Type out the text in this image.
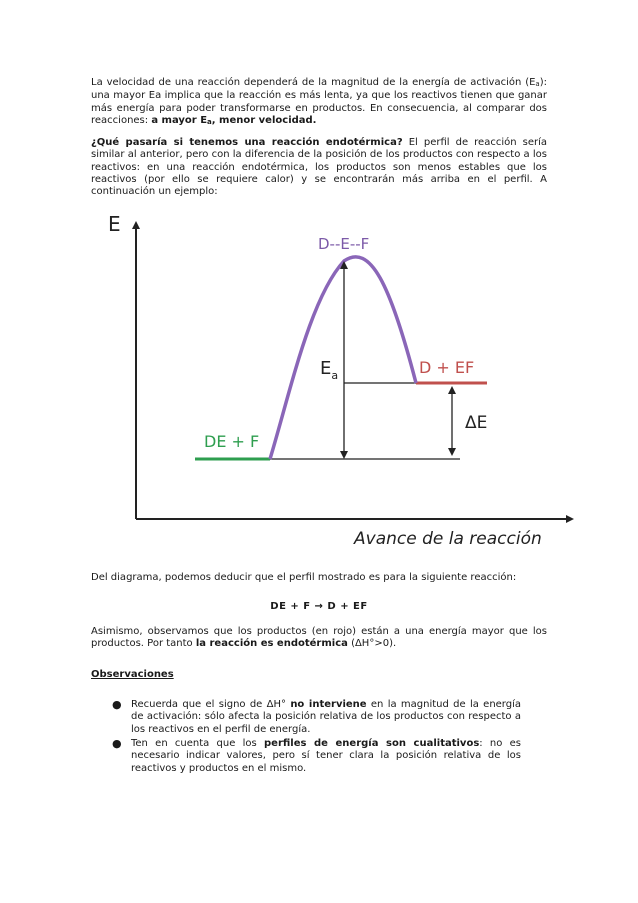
La velocidad de una reacción dependerá de la magnitud de la energía de activación (Ea): una mayor Ea implica que la reacción es más lenta, ya que los reactivos tienen que ganar más energía para poder transformarse en productos. En consecuencia, al comparar dos reacciones: a mayor Ea, menor velocidad.

¿Qué pasaría si tenemos una reacción endotérmica? El perfil de reacción sería similar al anterior, pero con la diferencia de la posición de los productos con respecto a los reactivos: en una reacción endotérmica, los productos son menos estables que los reactivos (por ello se requiere calor) y se encontrarán más arriba en el perfil. A continuación un ejemplo:

E
Avance de la reacción
D--E--F
DE + F
D + EF
$E_a$
ΔE

Del diagrama, podemos deducir que el perfil mostrado es para la siguiente reacción:

DE + F → D + EF

Asimismo, observamos que los productos (en rojo) están a una energía mayor que los productos. Por tanto la reacción es endotérmica (ΔH°>0).

Observaciones
● Recuerda que el signo de ΔH° no interviene en la magnitud de la energía de activación: sólo afecta la posición relativa de los productos con respecto a los reactivos en el perfil de energía.
● Ten en cuenta que los perfiles de energía son cualitativos: no es necesario indicar valores, pero sí tener clara la posición relativa de los reactivos y productos en el mismo.
